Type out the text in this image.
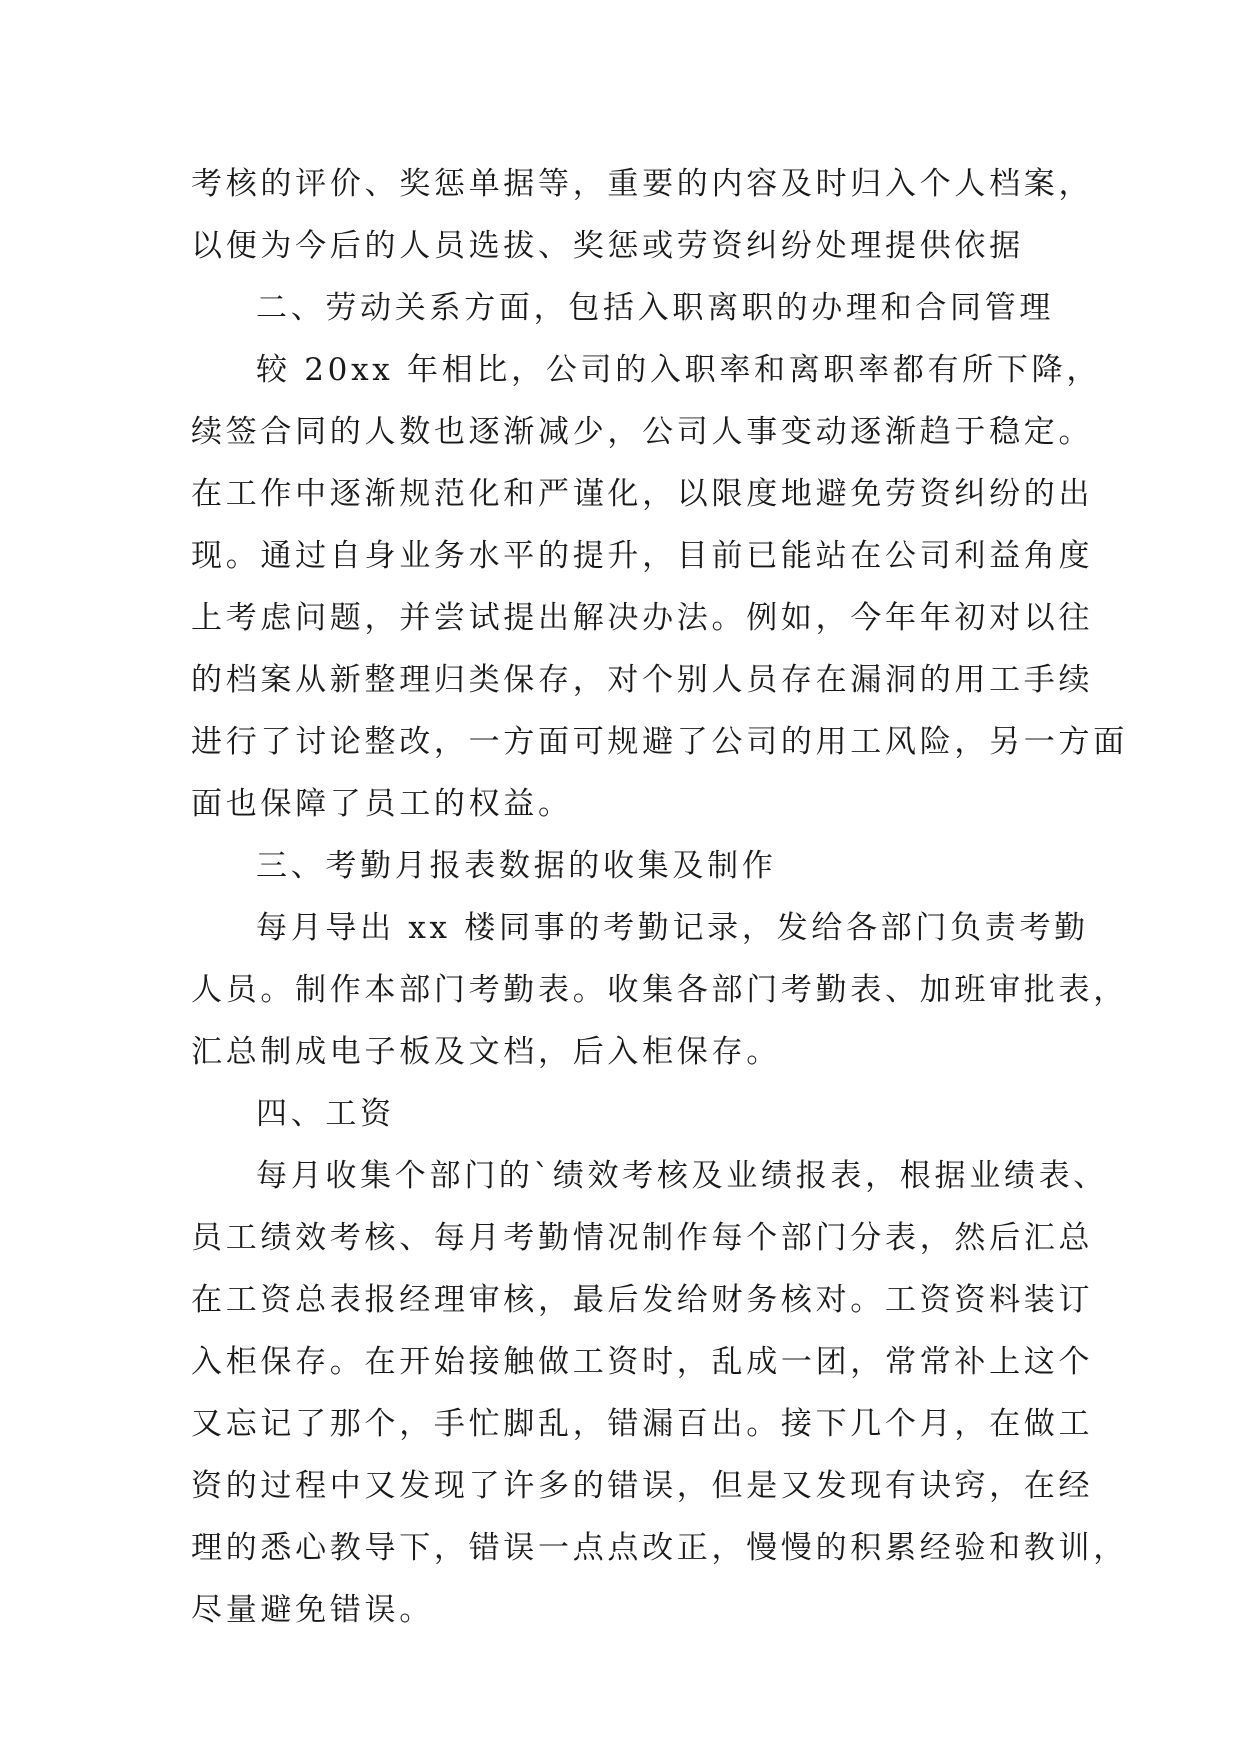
考核的评价、奖惩单据等，重要的内容及时归入个人档案，
以便为今后的人员选拔、奖惩或劳资纠纷处理提供依据
二、劳动关系方面，包括入职离职的办理和合同管理
较 20xx 年相比，公司的入职率和离职率都有所下降，
续签合同的人数也逐渐减少，公司人事变动逐渐趋于稳定。
在工作中逐渐规范化和严谨化，以限度地避免劳资纠纷的出
现。通过自身业务水平的提升，目前已能站在公司利益角度
上考虑问题，并尝试提出解决办法。例如，今年年初对以往
的档案从新整理归类保存，对个别人员存在漏洞的用工手续
进行了讨论整改，一方面可规避了公司的用工风险，另一方面
面也保障了员工的权益。
三、考勤月报表数据的收集及制作
每月导出 xx 楼同事的考勤记录，发给各部门负责考勤
人员。制作本部门考勤表。收集各部门考勤表、加班审批表，
汇总制成电子板及文档，后入柜保存。
四、工资
每月收集个部门的`绩效考核及业绩报表，根据业绩表、
员工绩效考核、每月考勤情况制作每个部门分表，然后汇总
在工资总表报经理审核，最后发给财务核对。工资资料装订
入柜保存。在开始接触做工资时，乱成一团，常常补上这个
又忘记了那个，手忙脚乱，错漏百出。接下几个月，在做工
资的过程中又发现了许多的错误，但是又发现有诀窍，在经
理的悉心教导下，错误一点点改正，慢慢的积累经验和教训，
尽量避免错误。
